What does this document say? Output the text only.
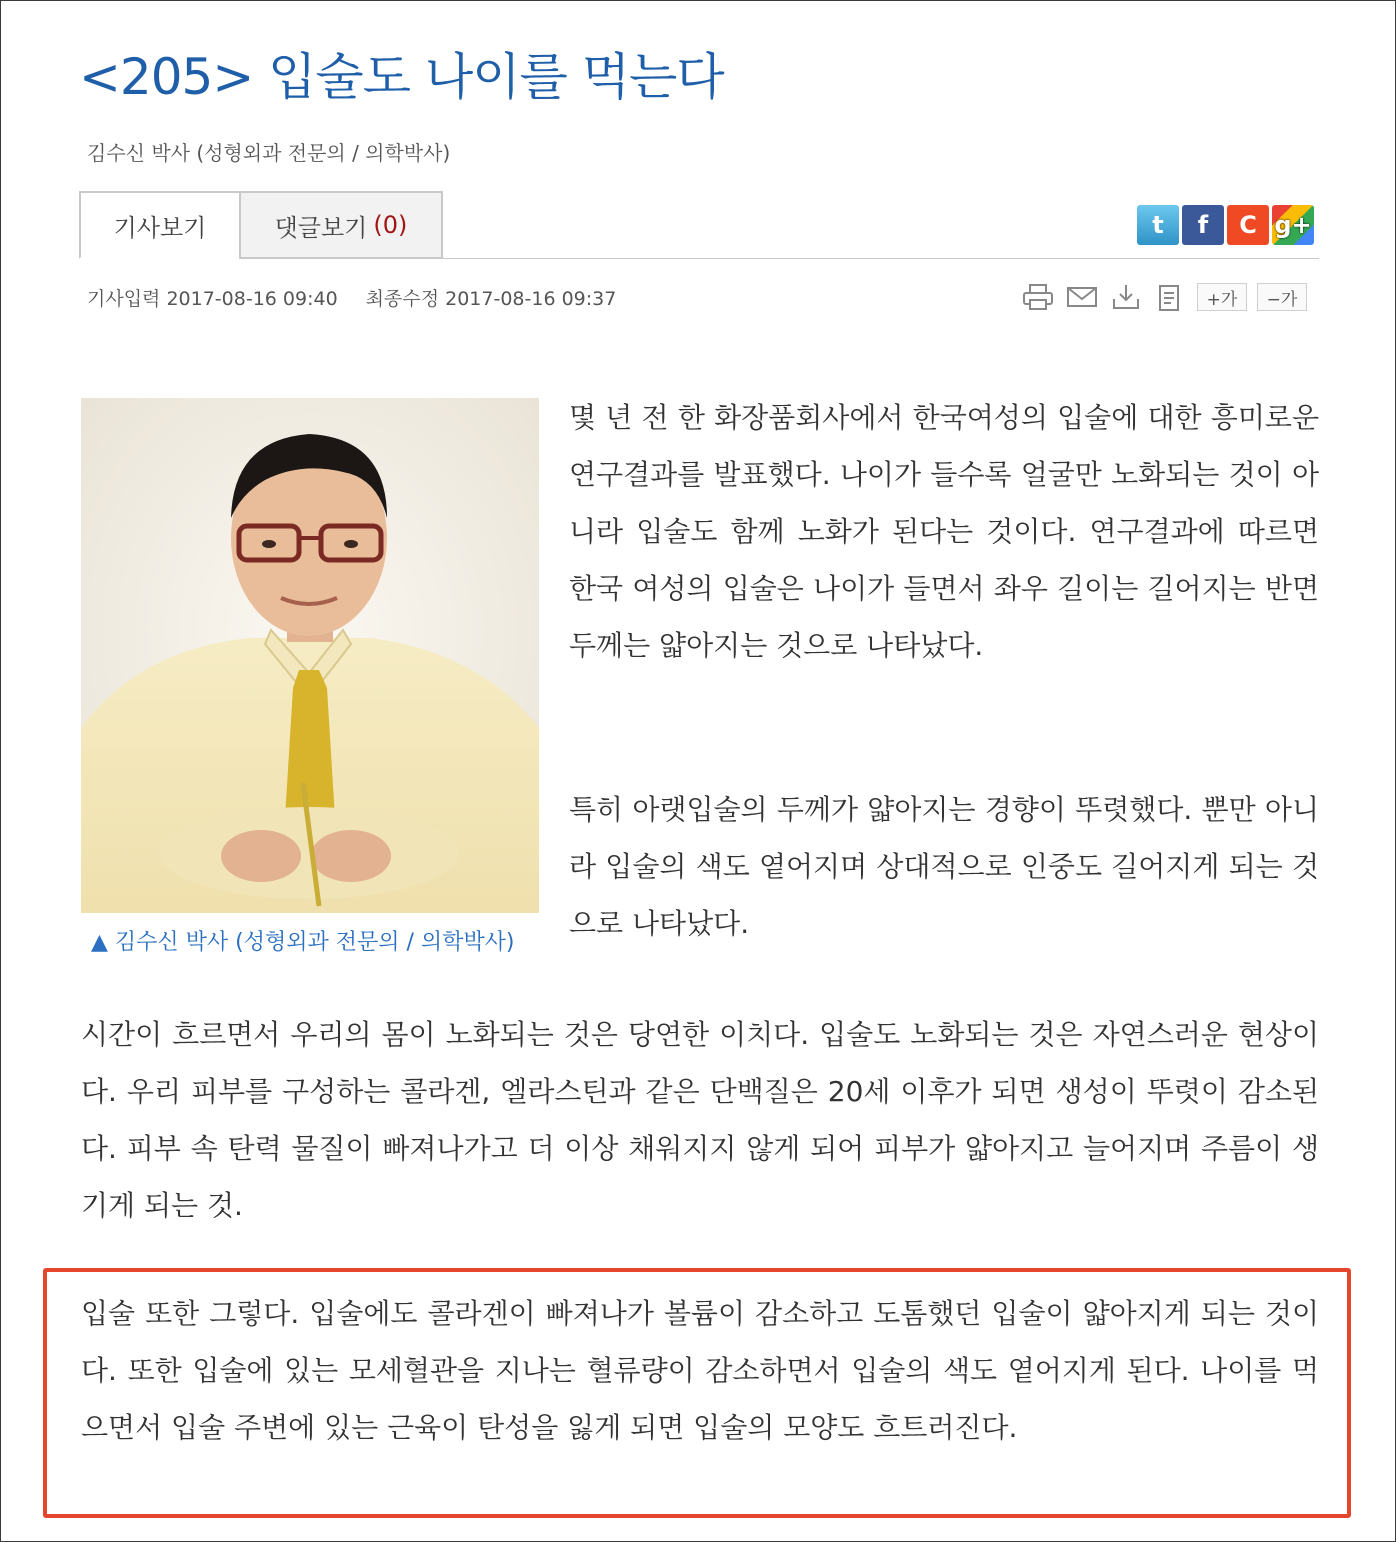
<205> 입술도 나이를 먹는다
김수신 박사 (성형외과 전문의 / 의학박사)
기사보기	댓글보기 (0)	t f C g+
기사입력 2017-08-16 09:40 최종수정 2017-08-16 09:37	+가	−가
▲ 김수신 박사 (성형외과 전문의 / 의학박사)

몇 년 전 한 화장품회사에서 한국여성의 입술에 대한 흥미로운 연구결과를 발표했다. 나이가 들수록 얼굴만 노화되는 것이 아니라 입술도 함께 노화가 된다는 것이다. 연구결과에 따르면 한국 여성의 입술은 나이가 들면서 좌우 길이는 길어지는 반면 두께는 얇아지는 것으로 나타났다.

특히 아랫입술의 두께가 얇아지는 경향이 뚜렷했다. 뿐만 아니라 입술의 색도 옅어지며 상대적으로 인중도 길어지게 되는 것으로 나타났다.

시간이 흐르면서 우리의 몸이 노화되는 것은 당연한 이치다. 입술도 노화되는 것은 자연스러운 현상이다. 우리 피부를 구성하는 콜라겐, 엘라스틴과 같은 단백질은 20세 이후가 되면 생성이 뚜렷이 감소된다. 피부 속 탄력 물질이 빠져나가고 더 이상 채워지지 않게 되어 피부가 얇아지고 늘어지며 주름이 생기게 되는 것.

입술 또한 그렇다. 입술에도 콜라겐이 빠져나가 볼륨이 감소하고 도톰했던 입술이 얇아지게 되는 것이다. 또한 입술에 있는 모세혈관을 지나는 혈류량이 감소하면서 입술의 색도 옅어지게 된다. 나이를 먹으면서 입술 주변에 있는 근육이 탄성을 잃게 되면 입술의 모양도 흐트러진다.
